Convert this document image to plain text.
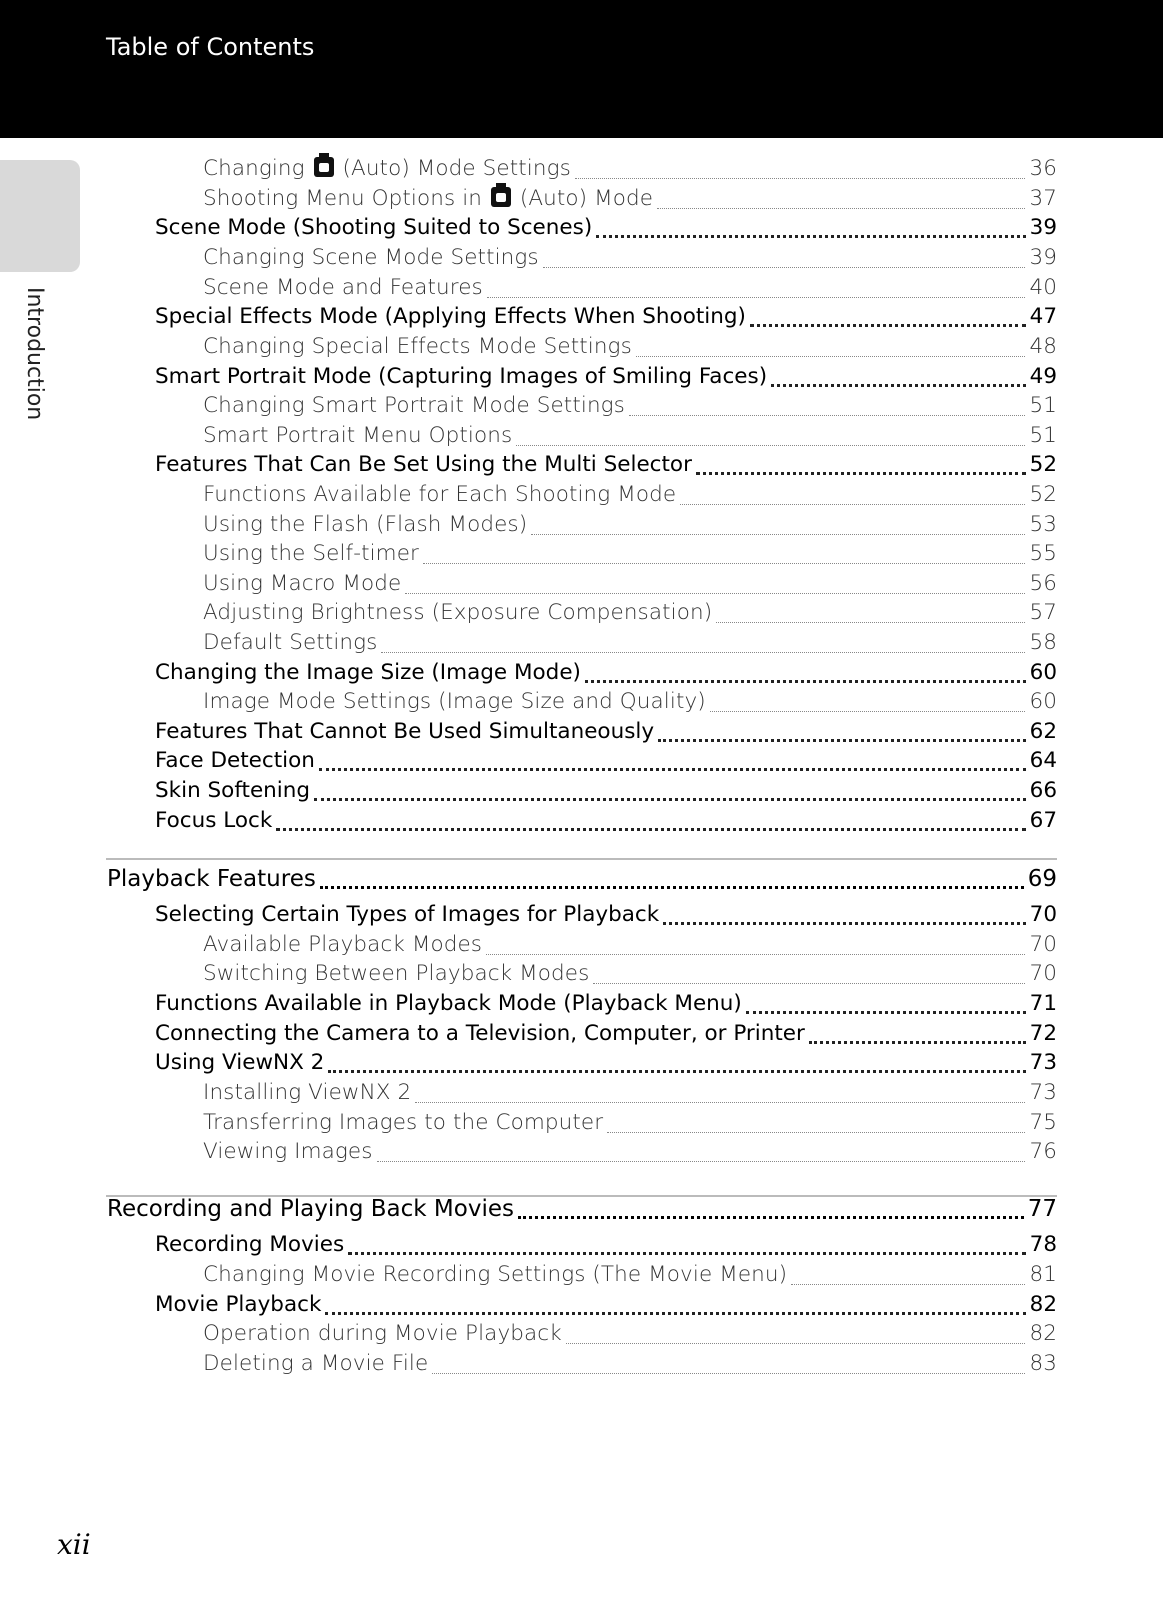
Table of Contents
Introduction
Changing  (Auto) Mode Settings	36
Shooting Menu Options in  (Auto) Mode	37
Scene Mode (Shooting Suited to Scenes)	39
Changing Scene Mode Settings	39
Scene Mode and Features	40
Special Effects Mode (Applying Effects When Shooting)	47
Changing Special Effects Mode Settings	48
Smart Portrait Mode (Capturing Images of Smiling Faces)	49
Changing Smart Portrait Mode Settings	51
Smart Portrait Menu Options	51
Features That Can Be Set Using the Multi Selector	52
Functions Available for Each Shooting Mode	52
Using the Flash (Flash Modes)	53
Using the Self-timer	55
Using Macro Mode	56
Adjusting Brightness (Exposure Compensation)	57
Default Settings	58
Changing the Image Size (Image Mode)	60
Image Mode Settings (Image Size and Quality)	60
Features That Cannot Be Used Simultaneously	62
Face Detection	64
Skin Softening	66
Focus Lock	67
Playback Features	69
Selecting Certain Types of Images for Playback	70
Available Playback Modes	70
Switching Between Playback Modes	70
Functions Available in Playback Mode (Playback Menu)	71
Connecting the Camera to a Television, Computer, or Printer	72
Using ViewNX 2	73
Installing ViewNX 2	73
Transferring Images to the Computer	75
Viewing Images	76
Recording and Playing Back Movies	77
Recording Movies	78
Changing Movie Recording Settings (The Movie Menu)	81
Movie Playback	82
Operation during Movie Playback	82
Deleting a Movie File	83
xii
